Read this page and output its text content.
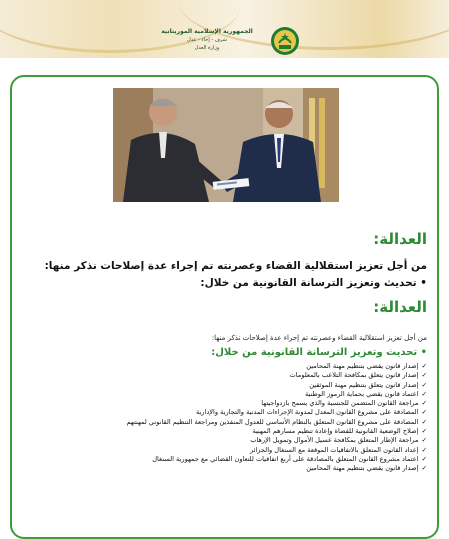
الجمهورية الإسلامية الموريتانية
شرف - إخاء - عدل
وزارة العدل
العدالة:
من أجل تعزيز استقلالية القضاء وعصرنته تم إجراء عدة إصلاحات نذكر منها:
• تحديث وتعزيز الترسانة القانونية من خلال:
العدالة:
من أجل تعزيز استقلالية القضاء وعصرنته تم إجراء عدة إصلاحات نذكر منها:
• تحديث وتعزيز الترسانة القانونية من خلال:
✓إصدار قانون يقضي بتنظيم مهنة المحامين
✓إصدار قانون يتعلق بمكافحة التلاعب بالمعلومات
✓إصدار قانون يتعلق بتنظيم مهنة الموثقين
✓اعتماد قانون يقضي بحماية الرموز الوطنية
✓مراجعة القانون المتضمن للجنسية والذي يسمح بازدواجيتها
✓المصادقة على مشروع القانون المعدل لمدونة الإجراءات المدنية والتجارية والإدارية
✓المصادقة على مشروع القانون المتعلق بالنظام الأساسي للعدول المنفذين ومراجعة التنظيم القانوني لمهنتهم
✓إصلاح الوضعية القانونية للقضاة وإعادة تنظيم مسارهم المهنية
✓مراجعة الإطار المتعلق بمكافحة غسيل الأموال وتمويل الإرهاب
✓إعداد القانون المتعلق بالاتفاقيات الموقعة مع السنغال والجزائر
✓اعتماد مشروع القانون المتعلق بالمصادقة على أربع اتفاقيات للتعاون القضائي مع جمهورية السنغال
✓إصدار قانون يقضي بتنظيم مهنة المحامين
